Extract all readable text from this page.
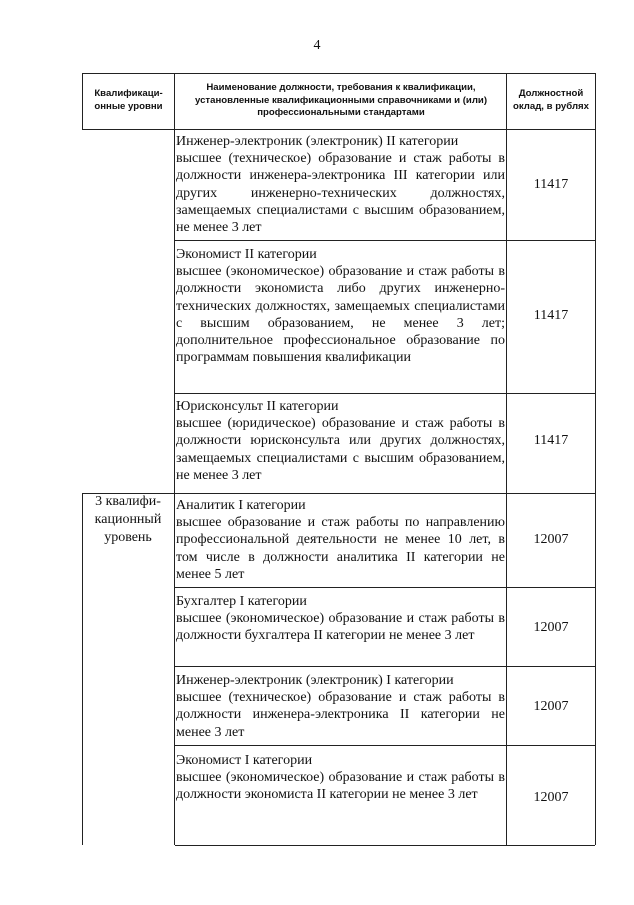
4
Квалификаци-онные уровни
Наименование должности, требования к квалификации, установленные квалификационными справочниками и (или) профессиональными стандартами
Должностной оклад, в рублях

Инженер-электроник (электроник) II категории

высшее (техническое) образование и стаж работы в должности инженера-электроника III категории или других инженерно-технических должностях, замещаемых специалистами с высшим образованием, не менее 3 лет

11417

Экономист II категории

высшее (экономическое) образование и стаж работы в должности экономиста либо других инженерно-технических должностях, замещаемых специалистами с высшим образованием, не менее 3 лет; дополнительное профессиональное образование по программам повышения квалификации

11417

Юрисконсульт II категории

высшее (юридическое) образование и стаж работы в должности юрисконсульта или других должностях, замещаемых специалистами с высшим образованием, не менее 3 лет

11417
3 квалифи-кационный уровень

Аналитик I категории

высшее образование и стаж работы по направлению профессиональной деятельности не менее 10 лет, в том числе в должности аналитика II категории не менее 5 лет

12007

Бухгалтер I категории

высшее (экономическое) образование и стаж работы в должности бухгалтера II категории не менее 3 лет

12007

Инженер-электроник (электроник) I категории

высшее (техническое) образование и стаж работы в должности инженера-электроника II категории не менее 3 лет

12007

Экономист I категории

высшее (экономическое) образование и стаж работы в должности экономиста II категории не менее 3 лет	12007
